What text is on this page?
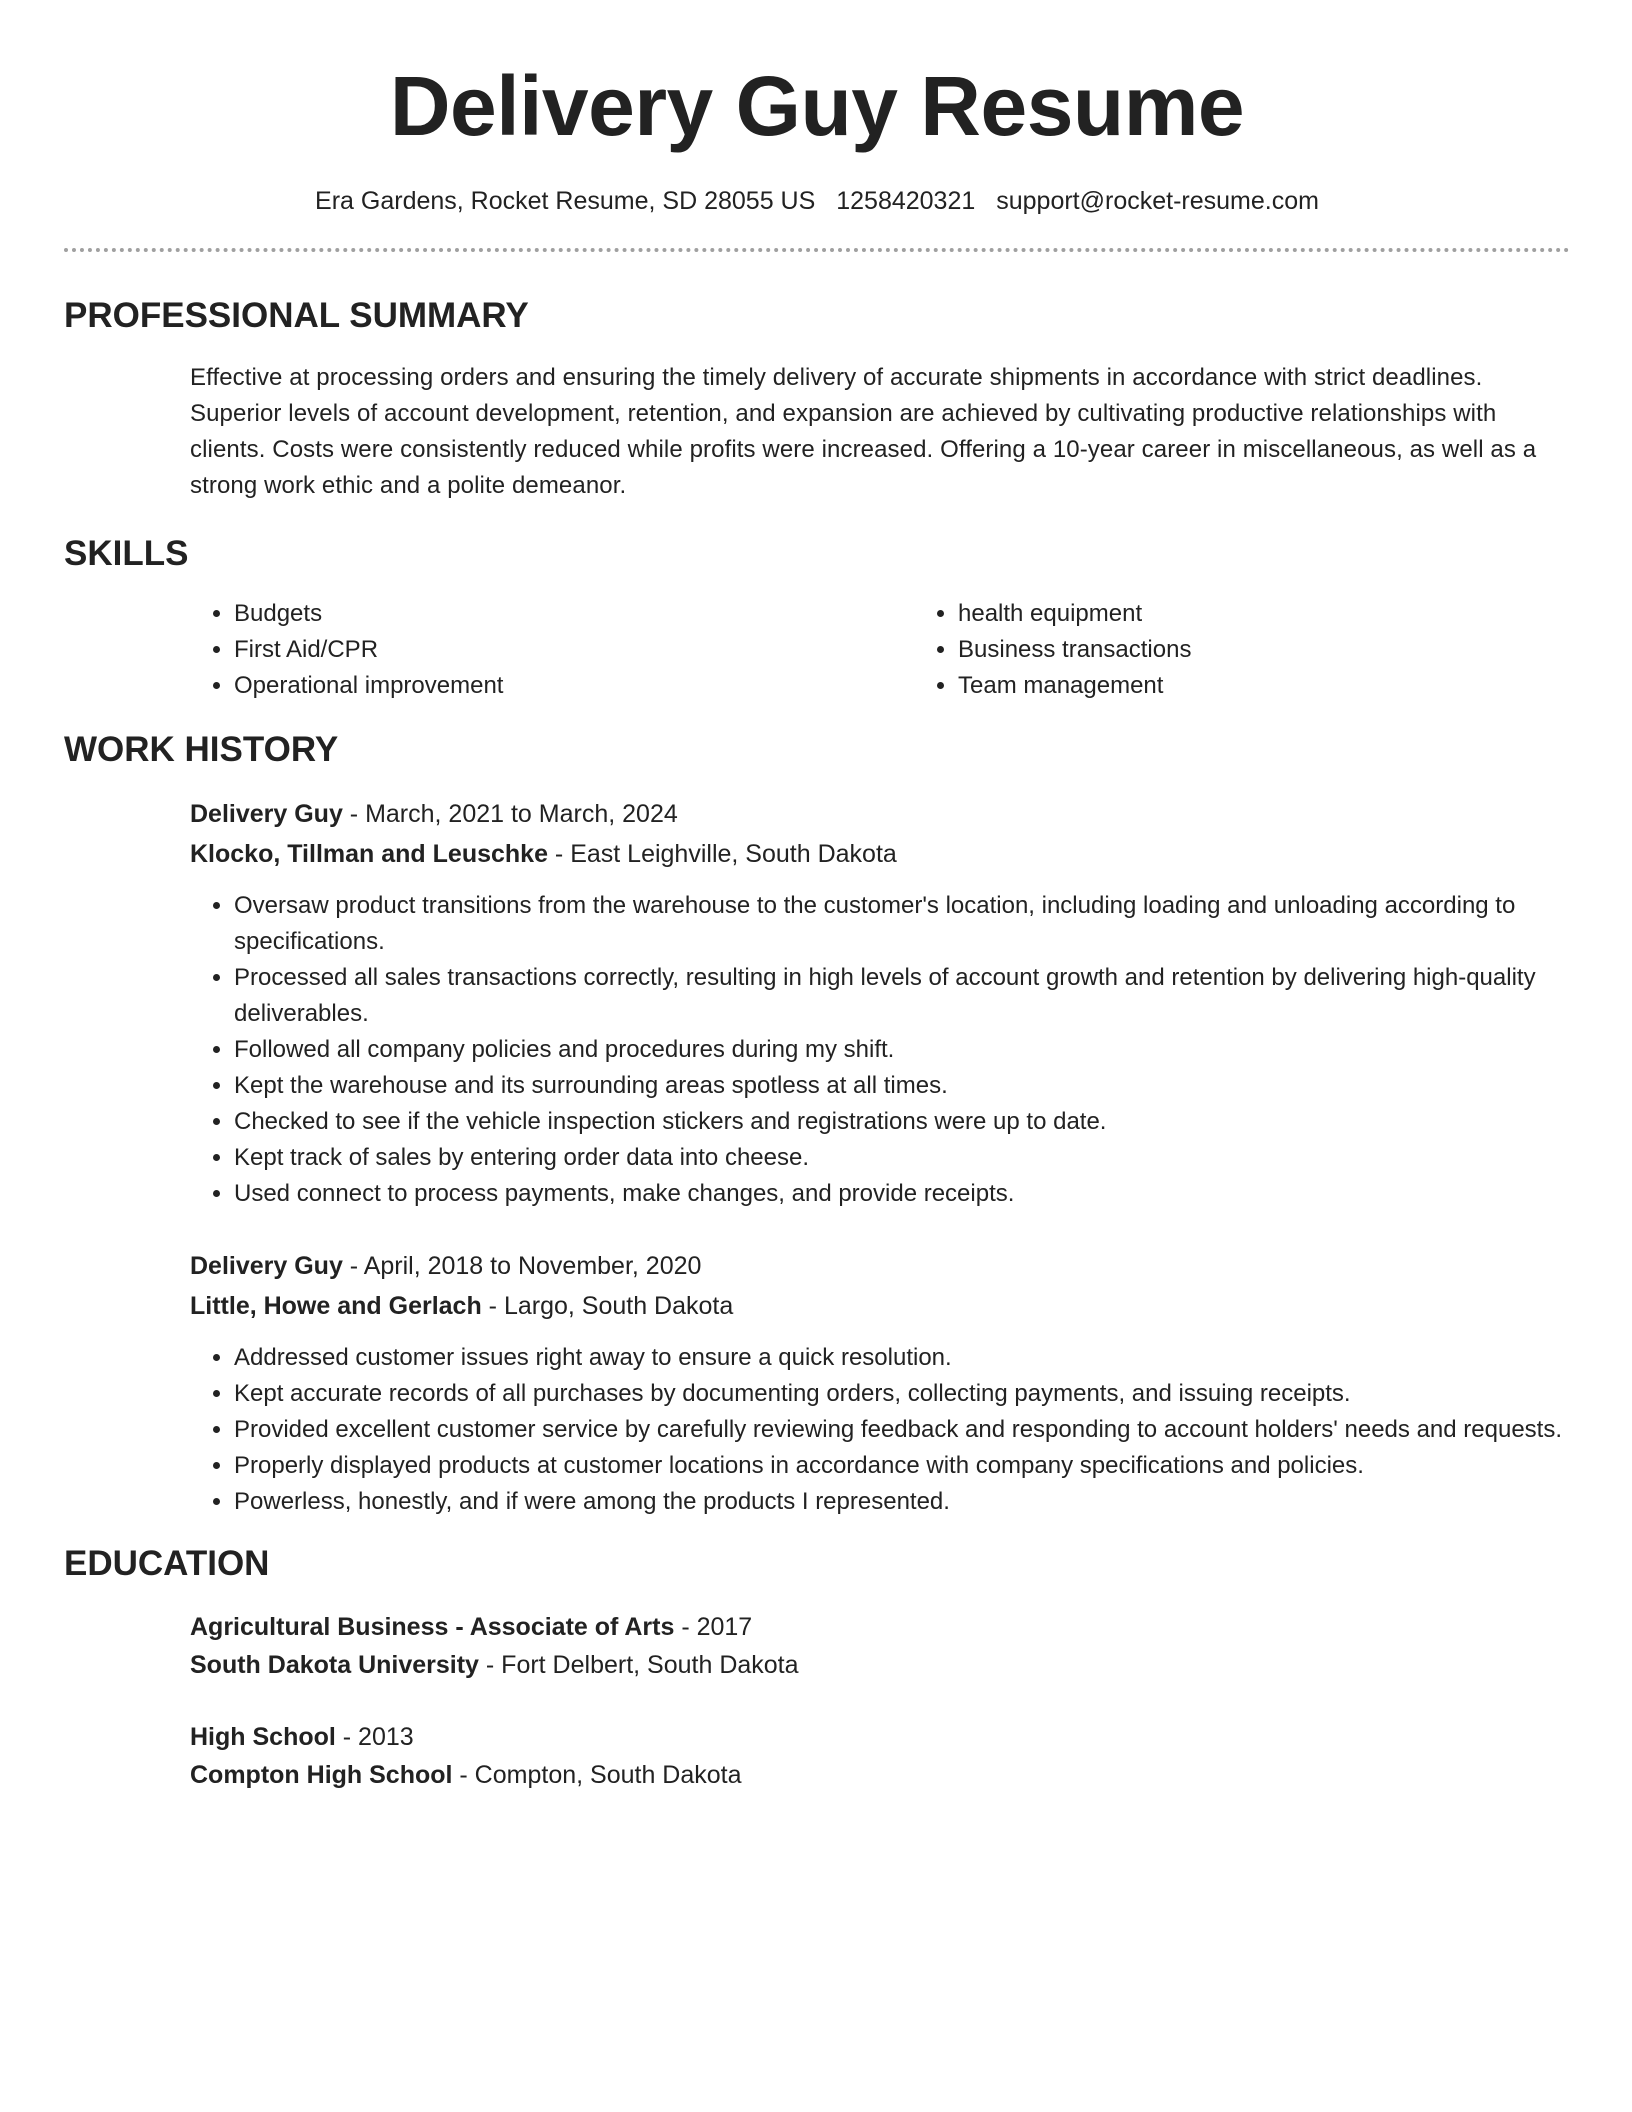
Delivery Guy Resume
Era Gardens, Rocket Resume, SD 28055 US 1258420321 support@rocket-resume.com
PROFESSIONAL SUMMARY
Effective at processing orders and ensuring the timely delivery of accurate shipments in accordance with strict deadlines. Superior levels of account development, retention, and expansion are achieved by cultivating productive relationships with clients. Costs were consistently reduced while profits were increased. Offering a 10-year career in miscellaneous, as well as a strong work ethic and a polite demeanor.
SKILLS
• Budgets
• First Aid/CPR
• Operational improvement
• health equipment
• Business transactions
• Team management
WORK HISTORY
Delivery Guy - March, 2021 to March, 2024
Klocko, Tillman and Leuschke - East Leighville, South Dakota
• Oversaw product transitions from the warehouse to the customer's location, including loading and unloading according to specifications.
• Processed all sales transactions correctly, resulting in high levels of account growth and retention by delivering high-quality deliverables.
• Followed all company policies and procedures during my shift.
• Kept the warehouse and its surrounding areas spotless at all times.
• Checked to see if the vehicle inspection stickers and registrations were up to date.
• Kept track of sales by entering order data into cheese.
• Used connect to process payments, make changes, and provide receipts.
Delivery Guy - April, 2018 to November, 2020
Little, Howe and Gerlach - Largo, South Dakota
• Addressed customer issues right away to ensure a quick resolution.
• Kept accurate records of all purchases by documenting orders, collecting payments, and issuing receipts.
• Provided excellent customer service by carefully reviewing feedback and responding to account holders' needs and requests.
• Properly displayed products at customer locations in accordance with company specifications and policies.
• Powerless, honestly, and if were among the products I represented.
EDUCATION
Agricultural Business - Associate of Arts - 2017
South Dakota University - Fort Delbert, South Dakota
High School - 2013
Compton High School - Compton, South Dakota
